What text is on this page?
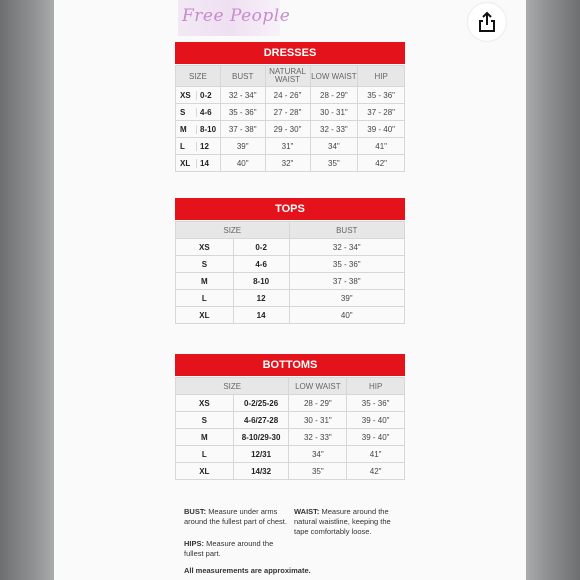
Free People
DRESSES
SIZE	BUST	NATURAL WAIST	LOW WAIST	HIP
XS 0-2	32 - 34"	24 - 26"	28 - 29"	35 - 36"
S 4-6	35 - 36"	27 - 28"	30 - 31"	37 - 28"
M 8-10	37 - 38"	29 - 30"	32 - 33"	39 - 40"
L 12	39"	31"	34"	41"
XL 14	40"	32"	35"	42"
TOPS
SIZE		BUST
XS	0-2	32 - 34"
S	4-6	35 - 36"
M	8-10	37 - 38"
L	12	39"
XL	14	40"
BOTTOMS
SIZE		LOW WAIST	HIP
XS	0-2/25-26	28 - 29"	35 - 36"
S	4-6/27-28	30 - 31"	39 - 40"
M	8-10/29-30	32 - 33"	39 - 40"
L	12/31	34"	41"
XL	14/32	35"	42"
BUST: Measure under arms around the fullest part of chest.
WAIST: Measure around the natural waistline, keeping the tape comfortably loose.
HIPS: Measure around the fullest part.
All measurements are approximate.
